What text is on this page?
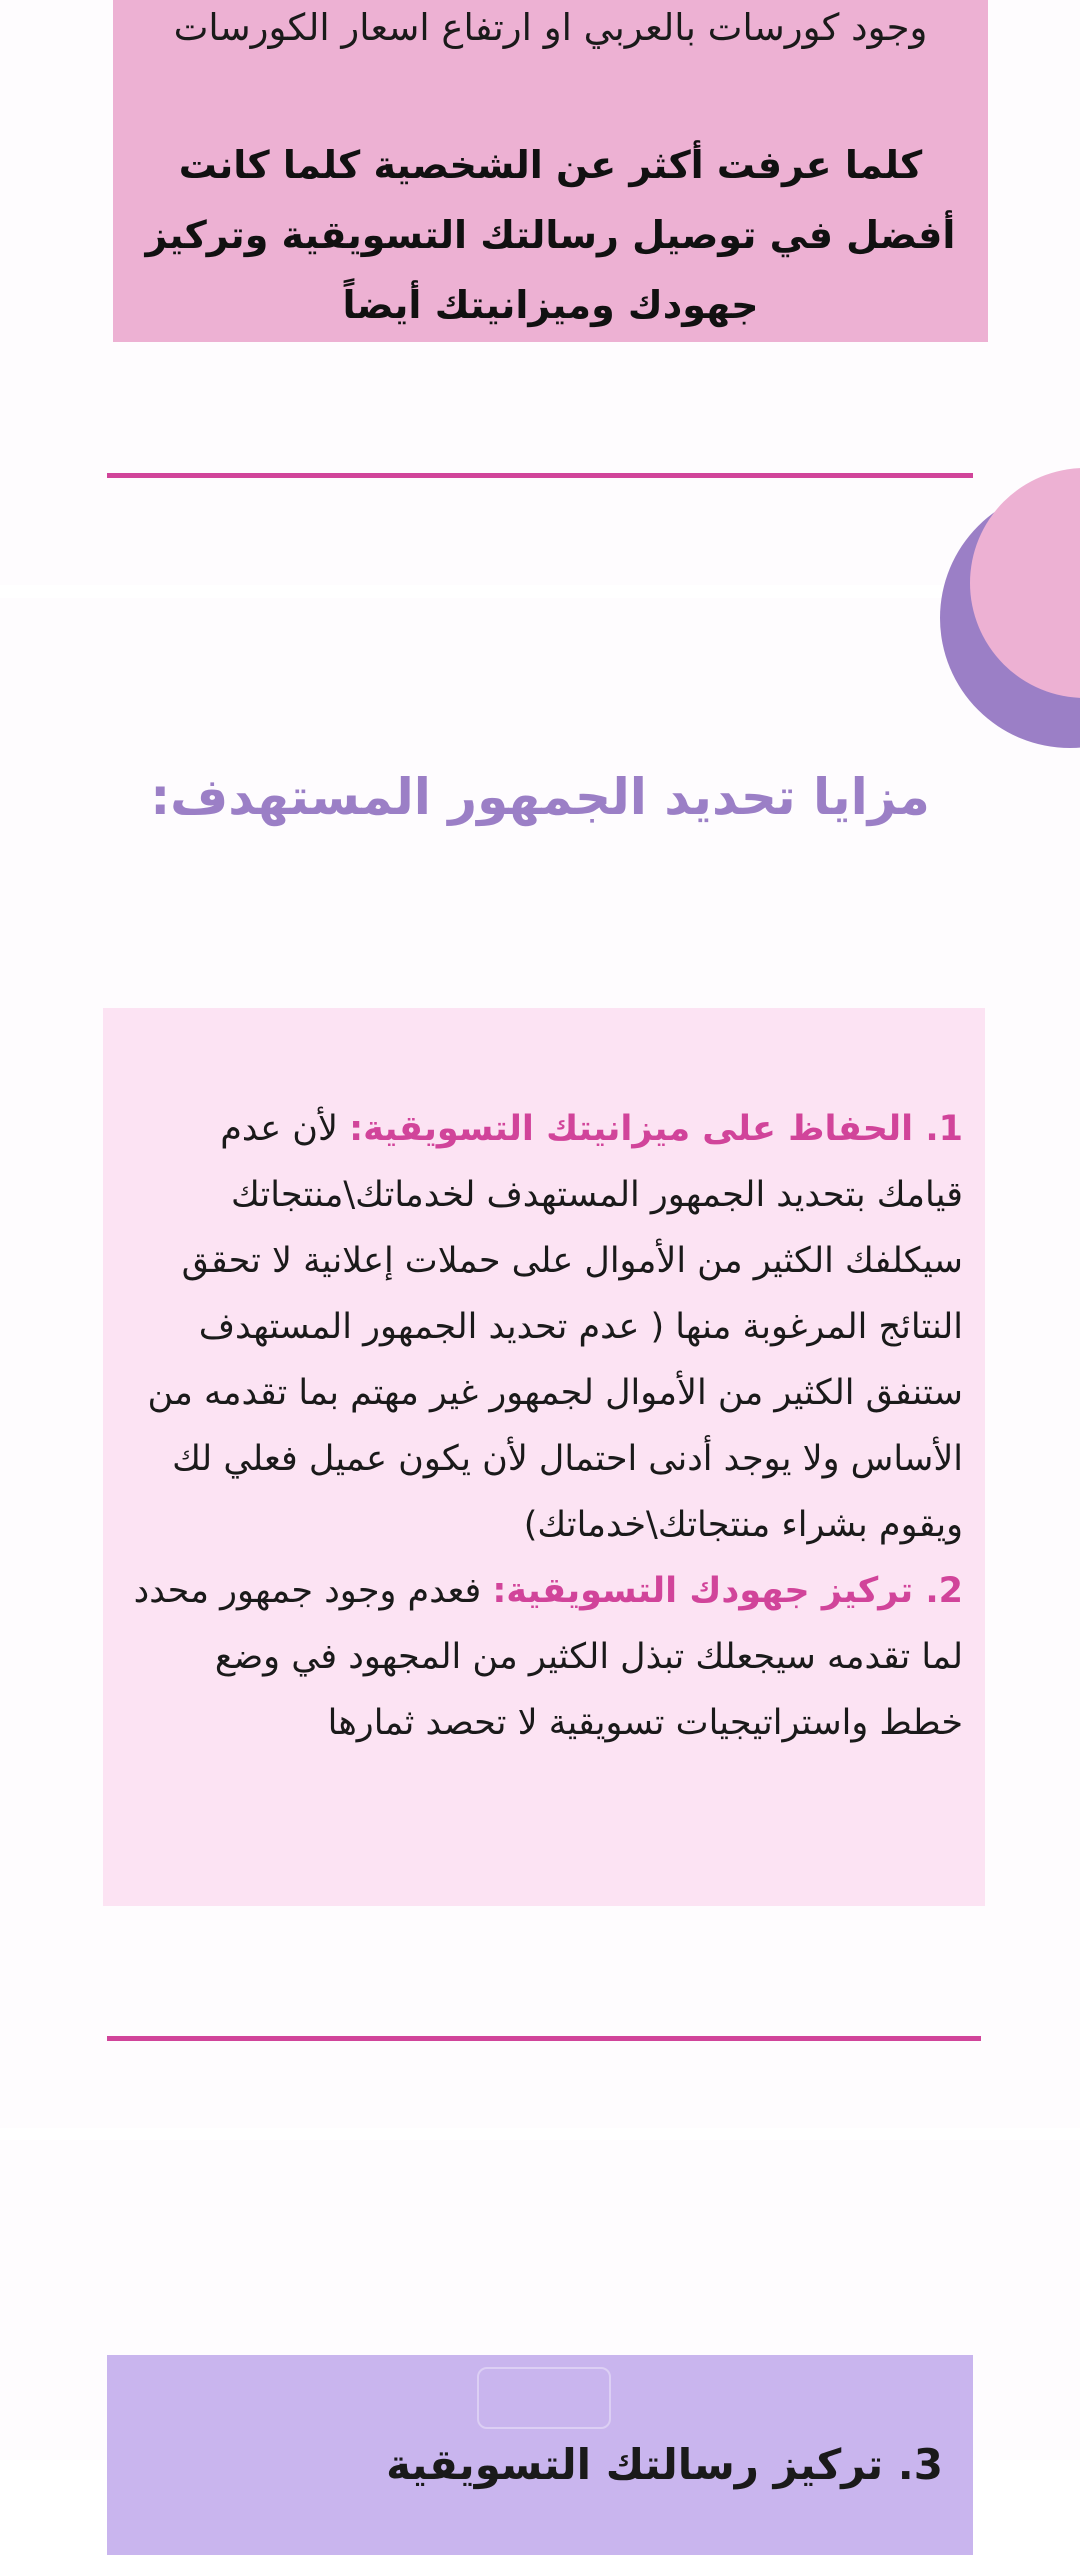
وجود كورسات بالعربي او ارتفاع اسعار الكورسات
كلما عرفت أكثر عن الشخصية كلما كانت أفضل في توصيل رسالتك التسويقية وتركيز جهودك وميزانيتك أيضاً
مزايا تحديد الجمهور المستهدف:
1. الحفاظ على ميزانيتك التسويقية: لأن عدم قيامك بتحديد الجمهور المستهدف لخدماتك\منتجاتك سيكلفك الكثير من الأموال على حملات إعلانية لا تحقق النتائج المرغوبة منها ( عدم تحديد الجمهور المستهدف ستنفق الكثير من الأموال لجمهور غير مهتم بما تقدمه من الأساس ولا يوجد أدنى احتمال لأن يكون عميل فعلي لك ويقوم بشراء منتجاتك\خدماتك)
2. تركيز جهودك التسويقية: فعدم وجود جمهور محدد لما تقدمه سيجعلك تبذل الكثير من المجهود في وضع خطط واستراتيجيات تسويقية لا تحصد ثمارها
3. تركيز رسالتك التسويقية
